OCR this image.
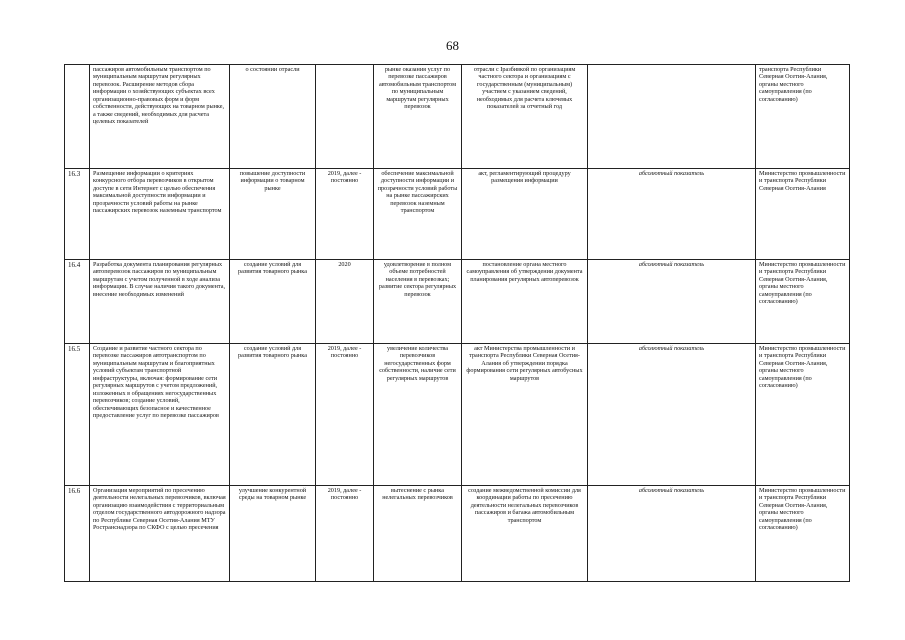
68
	пассажиров автомобильным транспортом по муниципальным маршрутам регулярных перевозок. Расширение методов сбора информации о хозяйствующих субъектах всех организационно-правовых форм и форм собственности, действующих на товарном рынке, а также сведений, необходимых для расчета целевых показателей	о состоянии отрасли		рынке оказания услуг по перевозке пассажиров автомобильным транспортом по муниципальным маршрутам регулярных перевозок	отрасли с Iразбивкой по организациям частного сектора и организациям с государственным (муниципальным) участием с указанием сведений, необходимых для расчета ключевых показателей за отчетный год		транспорта Республики Северная Осетия-Алания, органы местного самоуправления (по согласованию)
16.3	Размещение информации о критериях конкурсного отбора перевозчиков в открытом доступе в сети Интернет с целью обеспечения максимальной доступности информации и прозрачности условий работы на рынке пассажирских перевозок наземным транспортом	повышение доступности информации о товарном рынке	2019, далее - постоянно	обеспечение максимальной доступности информации и прозрачности условий работы на рынке пассажирских перевозок наземным транспортом	акт, регламентирующий процедуру размещения информации	абсолютный показатель	Министерство промышленности и транспорта Республики Северная Осетия-Алания
16.4	Разработка документа планирования регулярных автоперевозок пассажиров по муниципальным маршрутам с учетом полученной в ходе анализа информации. В случае наличия такого документа, внесение необходимых изменений	создание условий для развития товарного рынка	2020	удовлетворение в полном объеме потребностей населения в перевозках; развитие сектора регулярных перевозок	постановление органа местного самоуправления об утверждении документа планирования регулярных автоперевозок	абсолютный показатель	Министерство промышленности и транспорта Республики Северная Осетия-Алания, органы местного самоуправления (по согласованию)
16.5	Создание и развитие частного сектора по перевозке пассажиров автотранспортом по муниципальным маршрутам и благоприятных условий субъектам транспортной инфраструктуры, включая: формирование сети регулярных маршрутов с учетом предложений, изложенных в обращениях негосударственных перевозчиков; создание условий, обеспечивающих безопасное и качественное предоставление услуг по перевозке пассажиров	создание условий для развития товарного рынка	2019, далее - постоянно	увеличение количества перевозчиков негосударственных форм собственности, наличие сети регулярных маршрутов	акт Министерства промышленности и транспорта Республики Северная Осетия-Алания об утверждении порядка формирования сети регулярных автобусных маршрутов	абсолютный показатель	Министерство промышленности и транспорта Республики Северная Осетия-Алания, органы местного самоуправления (по согласованию)
16.6	Организация мероприятий по пресечению деятельности нелегальных перевозчиков, включая организацию взаимодействия с территориальным отделом государственного автодорожного надзора по Республике Северная Осетия-Алания МТУ Ространснадзора по СКФО с целью пресечения	улучшение конкурентной среды на товарном рынке	2019, далее - постоянно	вытеснение с рынка нелегальных перевозчиков	создание межведомственной комиссии для координации работы по пресечению деятельности нелегальных перевозчиков пассажиров и багажа автомобильным транспортом	абсолютный показатель	Министерство промышленности и транспорта Республики Северная Осетия-Алания, органы местного самоуправления (по согласованию)
